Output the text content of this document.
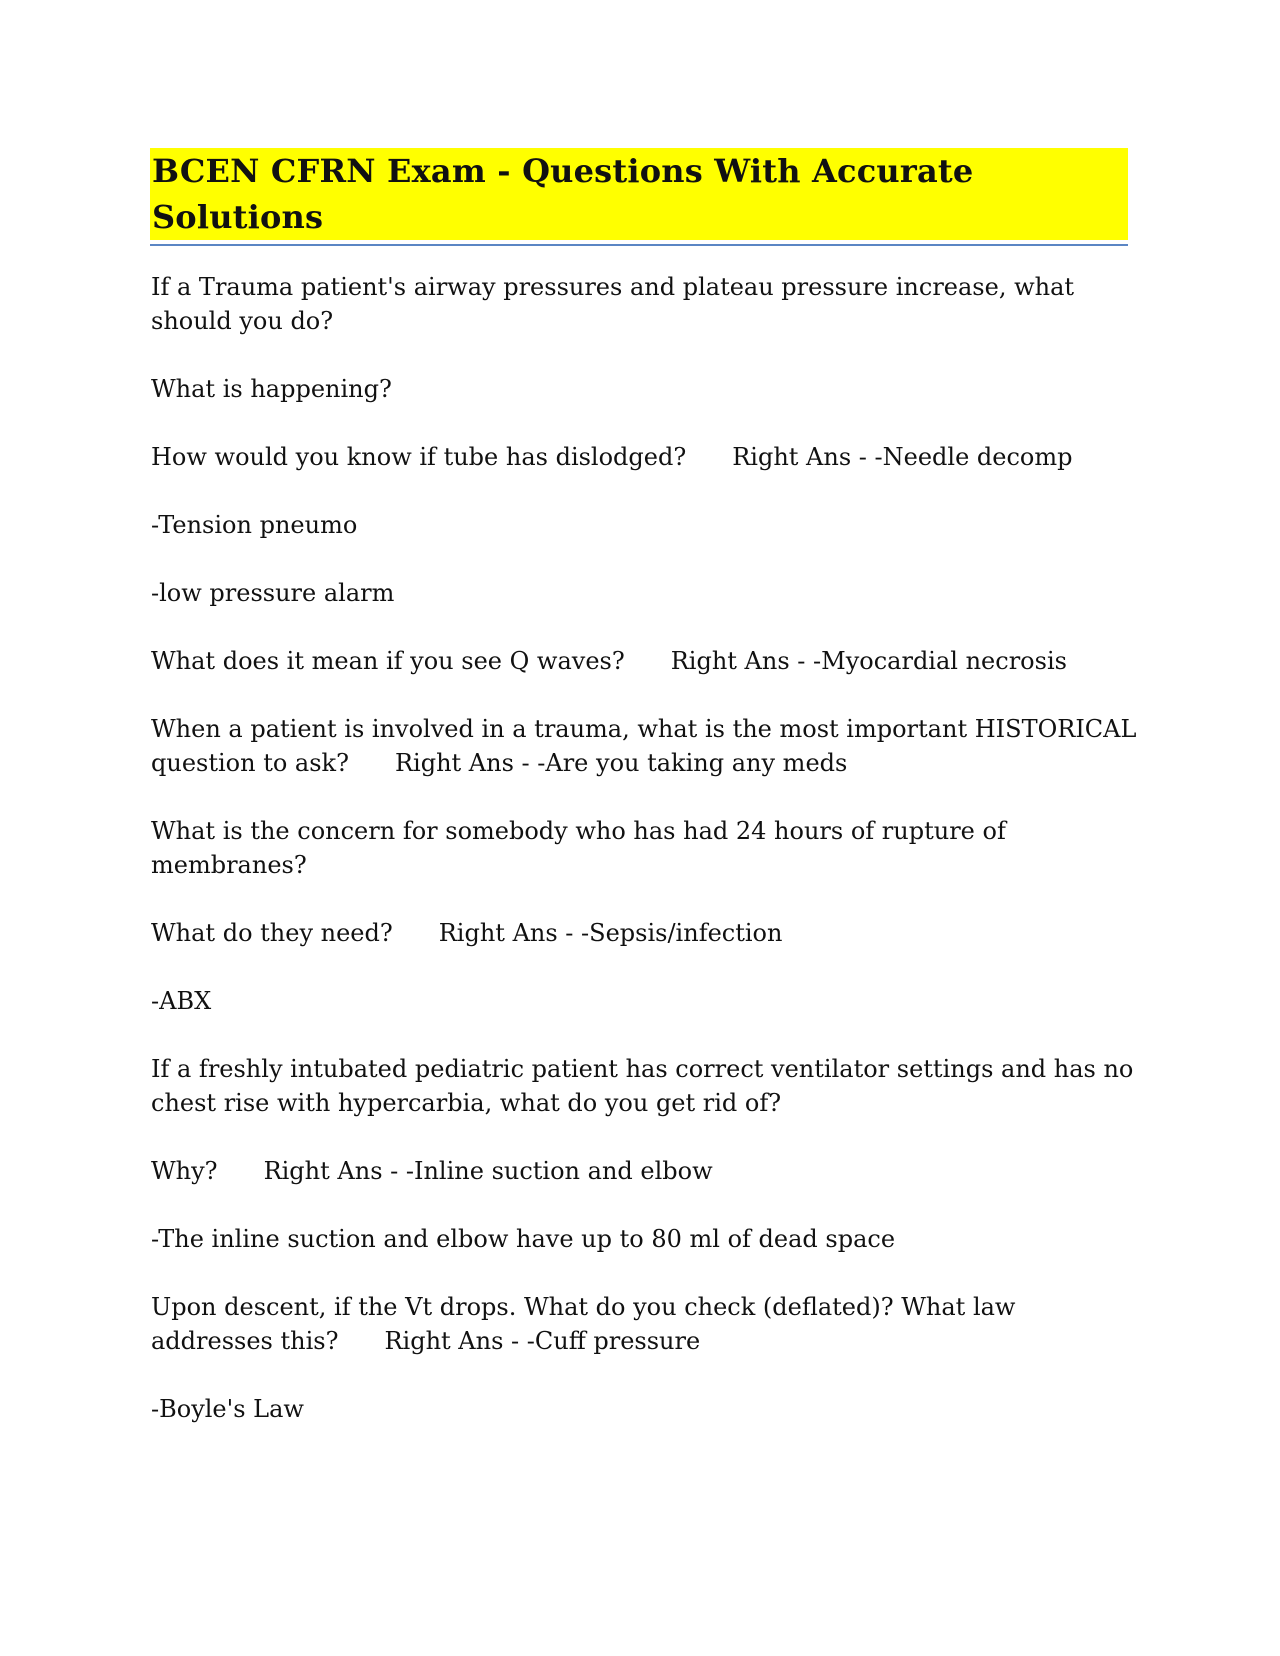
BCEN CFRN Exam - Questions With Accurate Solutions

If a Trauma patient's airway pressures and plateau pressure increase, what should you do?

What is happening?

How would you know if tube has dislodged? Right Ans - -Needle decomp

-Tension pneumo

-low pressure alarm

What does it mean if you see Q waves? Right Ans - -Myocardial necrosis

When a patient is involved in a trauma, what is the most important HISTORICAL question to ask? Right Ans - -Are you taking any meds

What is the concern for somebody who has had 24 hours of rupture of membranes?

What do they need? Right Ans - -Sepsis/infection

-ABX

If a freshly intubated pediatric patient has correct ventilator settings and has no chest rise with hypercarbia, what do you get rid of?

Why? Right Ans - -Inline suction and elbow

-The inline suction and elbow have up to 80 ml of dead space

Upon descent, if the Vt drops. What do you check (deflated)? What law addresses this? Right Ans - -Cuff pressure

-Boyle's Law
